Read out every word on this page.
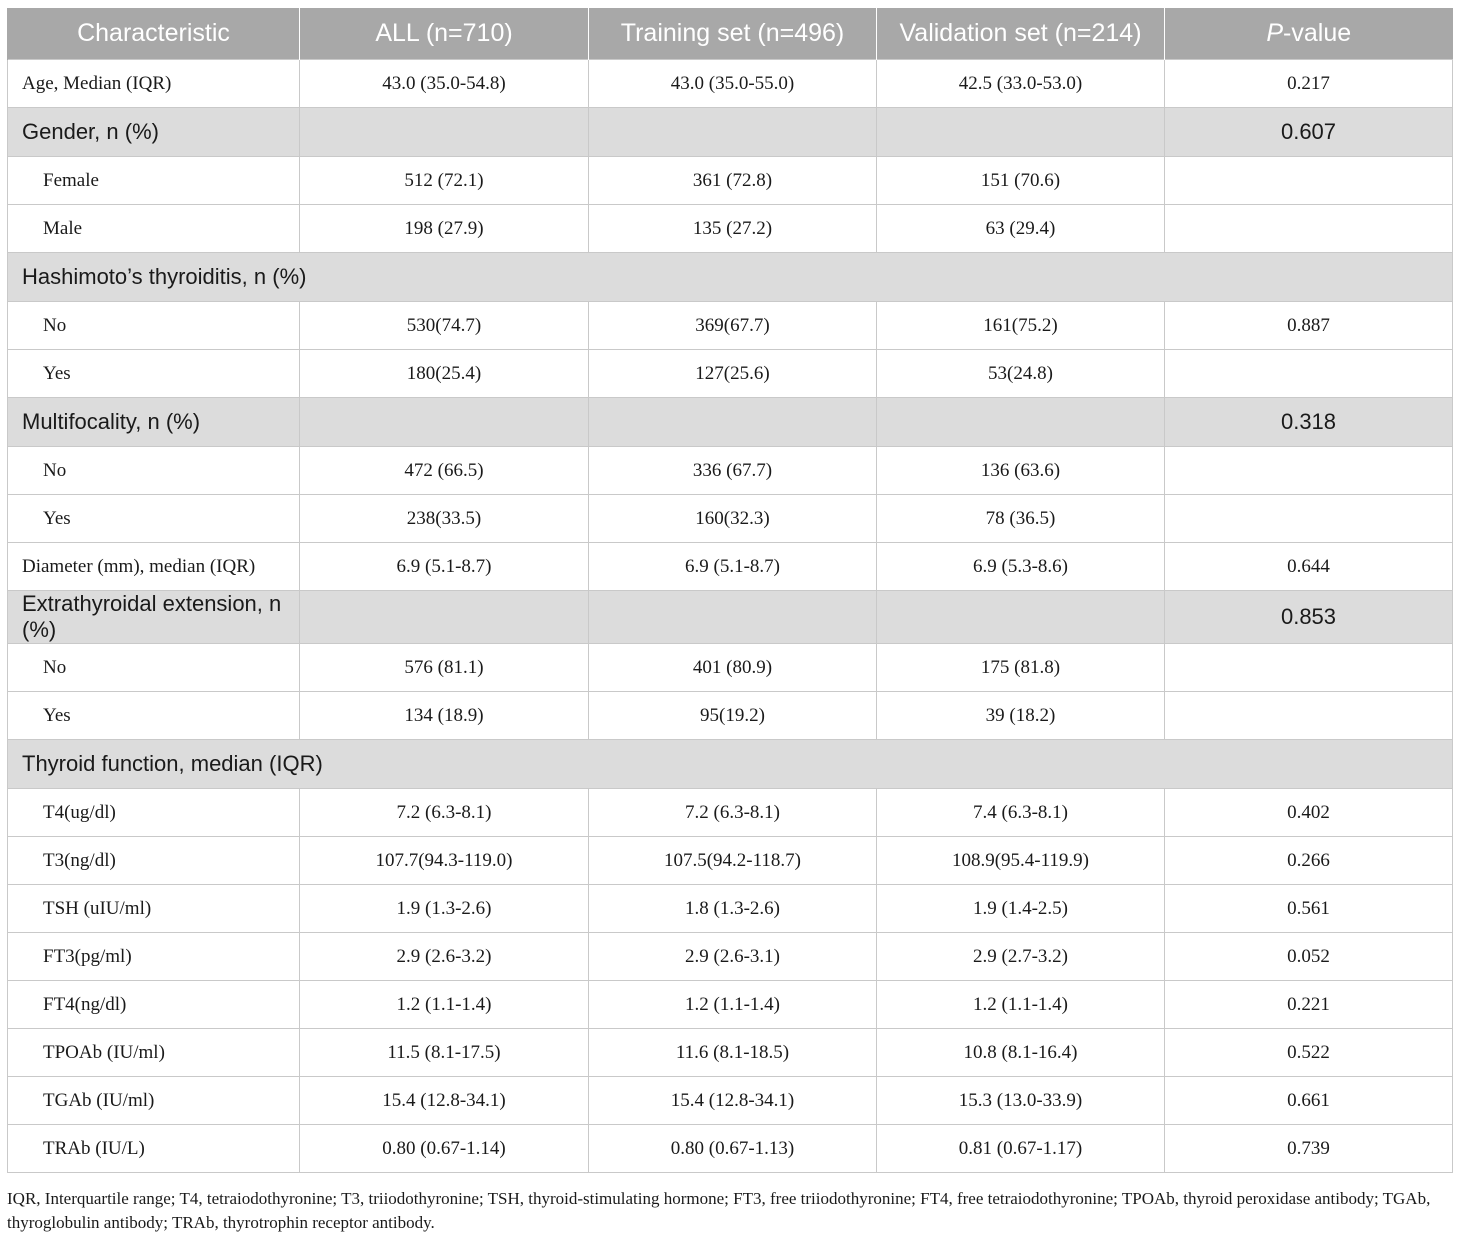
Characteristic	ALL (n=710)	Training set (n=496)	Validation set (n=214)	P-value
Age, Median (IQR)	43.0 (35.0-54.8)	43.0 (35.0-55.0)	42.5 (33.0-53.0)	0.217
Gender, n (%)				0.607
Female	512 (72.1)	361 (72.8)	151 (70.6)	
Male	198 (27.9)	135 (27.2)	63 (29.4)	
Hashimoto’s thyroiditis, n (%)				
No	530(74.7)	369(67.7)	161(75.2)	0.887
Yes	180(25.4)	127(25.6)	53(24.8)	
Multifocality, n (%)				0.318
No	472 (66.5)	336 (67.7)	136 (63.6)	
Yes	238(33.5)	160(32.3)	78 (36.5)	
Diameter (mm), median (IQR)	6.9 (5.1-8.7)	6.9 (5.1-8.7)	6.9 (5.3-8.6)	0.644
Extrathyroidal extension, n (%)				0.853
No	576 (81.1)	401 (80.9)	175 (81.8)	
Yes	134 (18.9)	95(19.2)	39 (18.2)	
Thyroid function, median (IQR)				
T4(ug/dl)	7.2 (6.3-8.1)	7.2 (6.3-8.1)	7.4 (6.3-8.1)	0.402
T3(ng/dl)	107.7(94.3-119.0)	107.5(94.2-118.7)	108.9(95.4-119.9)	0.266
TSH (uIU/ml)	1.9 (1.3-2.6)	1.8 (1.3-2.6)	1.9 (1.4-2.5)	0.561
FT3(pg/ml)	2.9 (2.6-3.2)	2.9 (2.6-3.1)	2.9 (2.7-3.2)	0.052
FT4(ng/dl)	1.2 (1.1-1.4)	1.2 (1.1-1.4)	1.2 (1.1-1.4)	0.221
TPOAb (IU/ml)	11.5 (8.1-17.5)	11.6 (8.1-18.5)	10.8 (8.1-16.4)	0.522
TGAb (IU/ml)	15.4 (12.8-34.1)	15.4 (12.8-34.1)	15.3 (13.0-33.9)	0.661
TRAb (IU/L)	0.80 (0.67-1.14)	0.80 (0.67-1.13)	0.81 (0.67-1.17)	0.739
IQR, Interquartile range; T4, tetraiodothyronine; T3, triiodothyronine; TSH, thyroid-stimulating hormone; FT3, free triiodothyronine; FT4, free tetraiodothyronine; TPOAb, thyroid peroxidase antibody; TGAb, thyroglobulin antibody; TRAb, thyrotrophin receptor antibody.
